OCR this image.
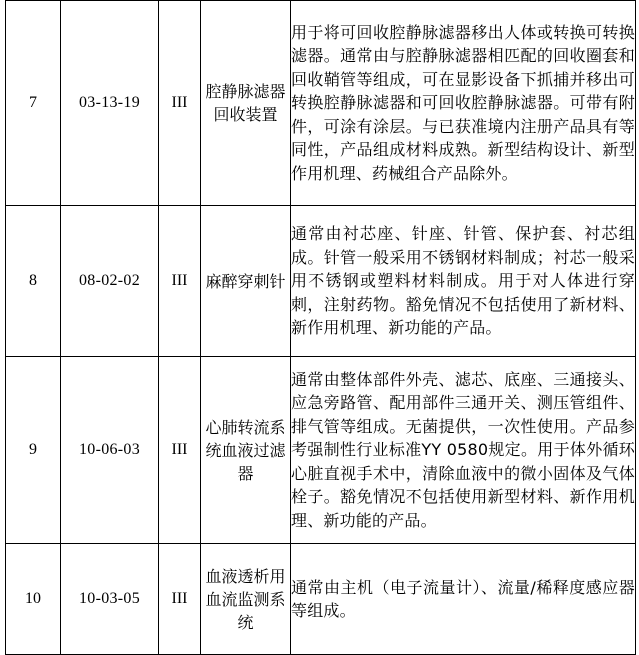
7	03-13-19	III	腔静脉滤器回收装置	用于将可回收腔静脉滤器移出人体或转换可转换滤器。通常由与腔静脉滤器相匹配的回收圈套和回收鞘管等组成，可在显影设备下抓捕并移出可转换腔静脉滤器和可回收腔静脉滤器。可带有附件，可涂有涂层。与已获准境内注册产品具有等同性，产品组成材料成熟。新型结构设计、新型作用机理、药械组合产品除外。
8	08-02-02	III	麻醉穿刺针	通常由衬芯座、针座、针管、保护套、衬芯组成。针管一般采用不锈钢材料制成；衬芯一般采用不锈钢或塑料材料制成。用于对人体进行穿刺，注射药物。豁免情况不包括使用了新材料、新作用机理、新功能的产品。
9	10-06-03	III	心肺转流系统血液过滤器	通常由整体部件外壳、滤芯、底座、三通接头、应急旁路管、配用部件三通开关、测压管组件、排气管等组成。无菌提供，一次性使用。产品参考强制性行业标准YY 0580规定。用于体外循环心脏直视手术中，清除血液中的微小固体及气体栓子。豁免情况不包括使用新型材料、新作用机理、新功能的产品。
10	10-03-05	III	血液透析用血流监测系统	通常由主机（电子流量计）、流量/稀释度感应器等组成。
